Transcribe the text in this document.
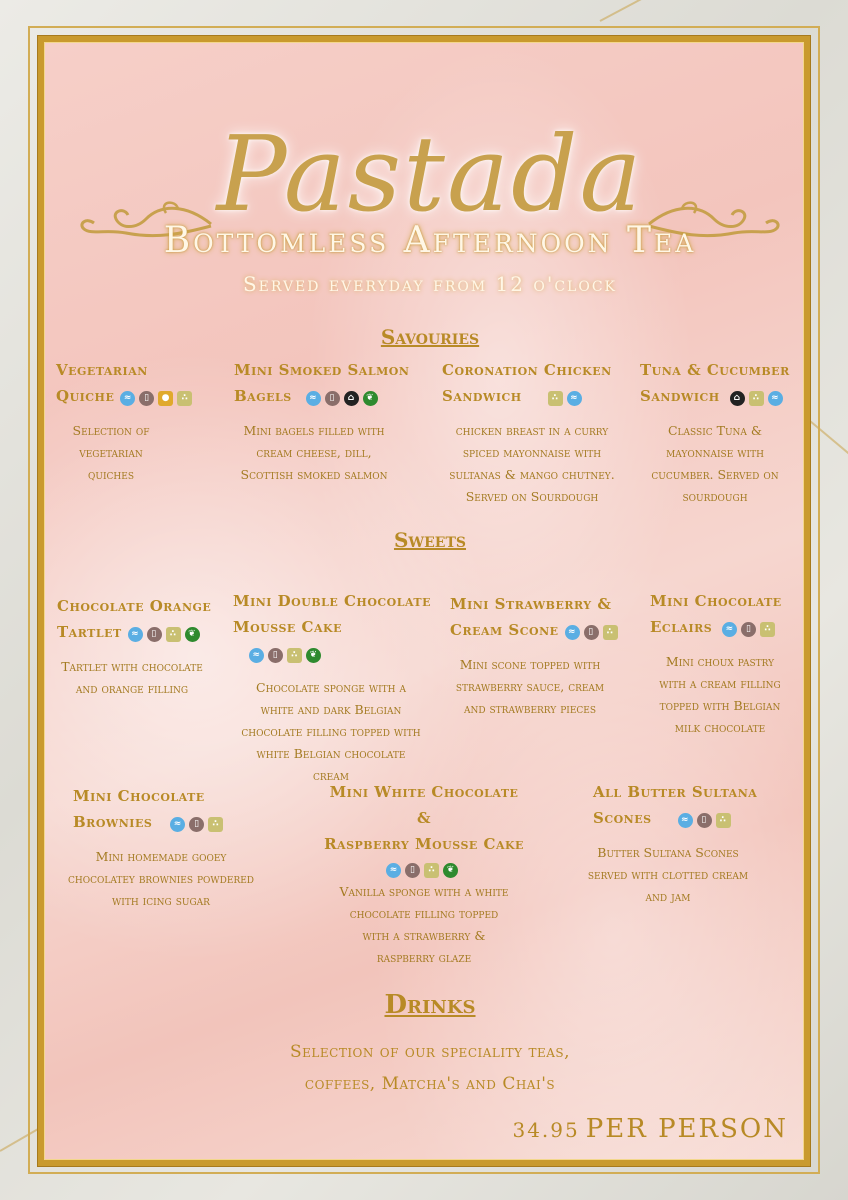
Pastada
Bottomless Afternoon Tea
Served everyday from 12 o'clock
Savouries
Vegetarian
Quiche ≈ ▯ ● ∴
Selection of
vegetarian
quiches
Mini Smoked Salmon
Bagels ≈ ▯ ⌂ ❦
Mini bagels filled with
cream cheese, dill,
Scottish smoked salmon
Coronation Chicken
Sandwich	∴ ≈
chicken breast in a curry
spiced mayonnaise with
sultanas & mango chutney.
Served on Sourdough
Tuna & Cucumber
Sandwich ⌂ ∴ ≈
Classic Tuna &
mayonnaise with
cucumber. Served on
sourdough
Sweets
Chocolate Orange
Tartlet ≈ ▯ ∴ ❦
Tartlet with chocolate
and orange filling
Mini Double Chocolate
Mousse Cake≈ ▯ ∴ ❦
Chocolate sponge with a
white and dark Belgian
chocolate filling topped with
white Belgian chocolate
cream
Mini Strawberry &
Cream Scone ≈ ▯ ∴
Mini scone topped with
strawberry sauce, cream
and strawberry pieces
Mini Chocolate
Eclairs ≈ ▯ ∴
Mini choux pastry
with a cream filling
topped with Belgian
milk chocolate
Mini Chocolate
Brownies ≈ ▯ ∴
Mini homemade gooey
chocolatey brownies powdered
with icing sugar
Mini White Chocolate &
Raspberry Mousse Cake
≈ ▯ ∴ ❦
Vanilla sponge with a white
chocolate filling topped
with a strawberry &
raspberry glaze
All Butter Sultana
Scones	≈ ▯ ∴
Butter Sultana Scones
served with clotted cream
and jam
Drinks
Selection of our speciality teas,
coffees, Matcha's and Chai's
34.95 PER PERSON
